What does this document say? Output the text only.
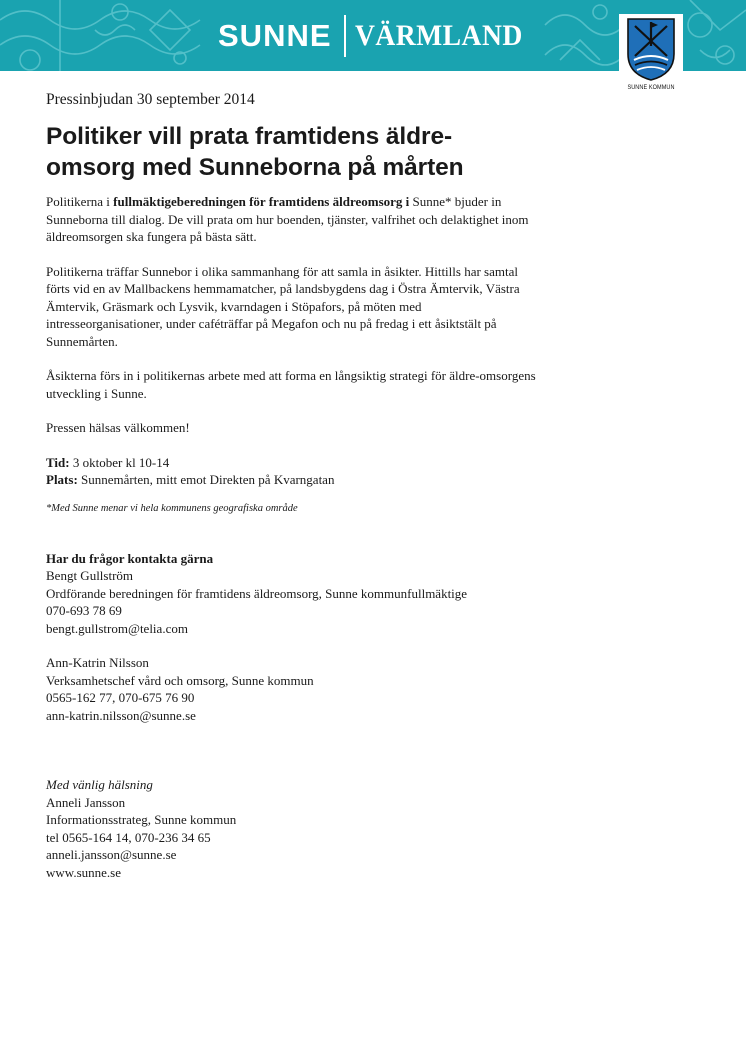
SUNNE VÄRMLAND
SUNNE KOMMUN

Pressinbjudan 30 september 2014

Politiker vill prata framtidens äldre-omsorg med Sunneborna på mårten

Politikerna i fullmäktigeberedningen för framtidens äldreomsorg i Sunne* bjuder in Sunneborna till dialog. De vill prata om hur boenden, tjänster, valfrihet och delaktighet inom äldreomsorgen ska fungera på bästa sätt.

Politikerna träffar Sunnebor i olika sammanhang för att samla in åsikter. Hittills har samtal förts vid en av Mallbackens hemmamatcher, på landsbygdens dag i Östra Ämtervik, Västra Ämtervik, Gräsmark och Lysvik, kvarndagen i Stöpafors, på möten med intresseorganisationer, under caféträffar på Megafon och nu på fredag i ett åsiktstält på Sunnemårten.

Åsikterna förs in i politikernas arbete med att forma en långsiktig strategi för äldre-omsorgens utveckling i Sunne.

Pressen hälsas välkommen!

Tid: 3 oktober kl 10-14

Plats: Sunnemårten, mitt emot Direkten på Kvarngatan

*Med Sunne menar vi hela kommunens geografiska område

Har du frågor kontakta gärna

Bengt Gullström

Ordförande beredningen för framtidens äldreomsorg, Sunne kommunfullmäktige

070-693 78 69

bengt.gullstrom@telia.com

Ann-Katrin Nilsson

Verksamhetschef vård och omsorg, Sunne kommun

0565-162 77, 070-675 76 90

ann-katrin.nilsson@sunne.se

Med vänlig hälsning

Anneli Jansson

Informationsstrateg, Sunne kommun

tel 0565-164 14, 070-236 34 65

anneli.jansson@sunne.se

www.sunne.se
